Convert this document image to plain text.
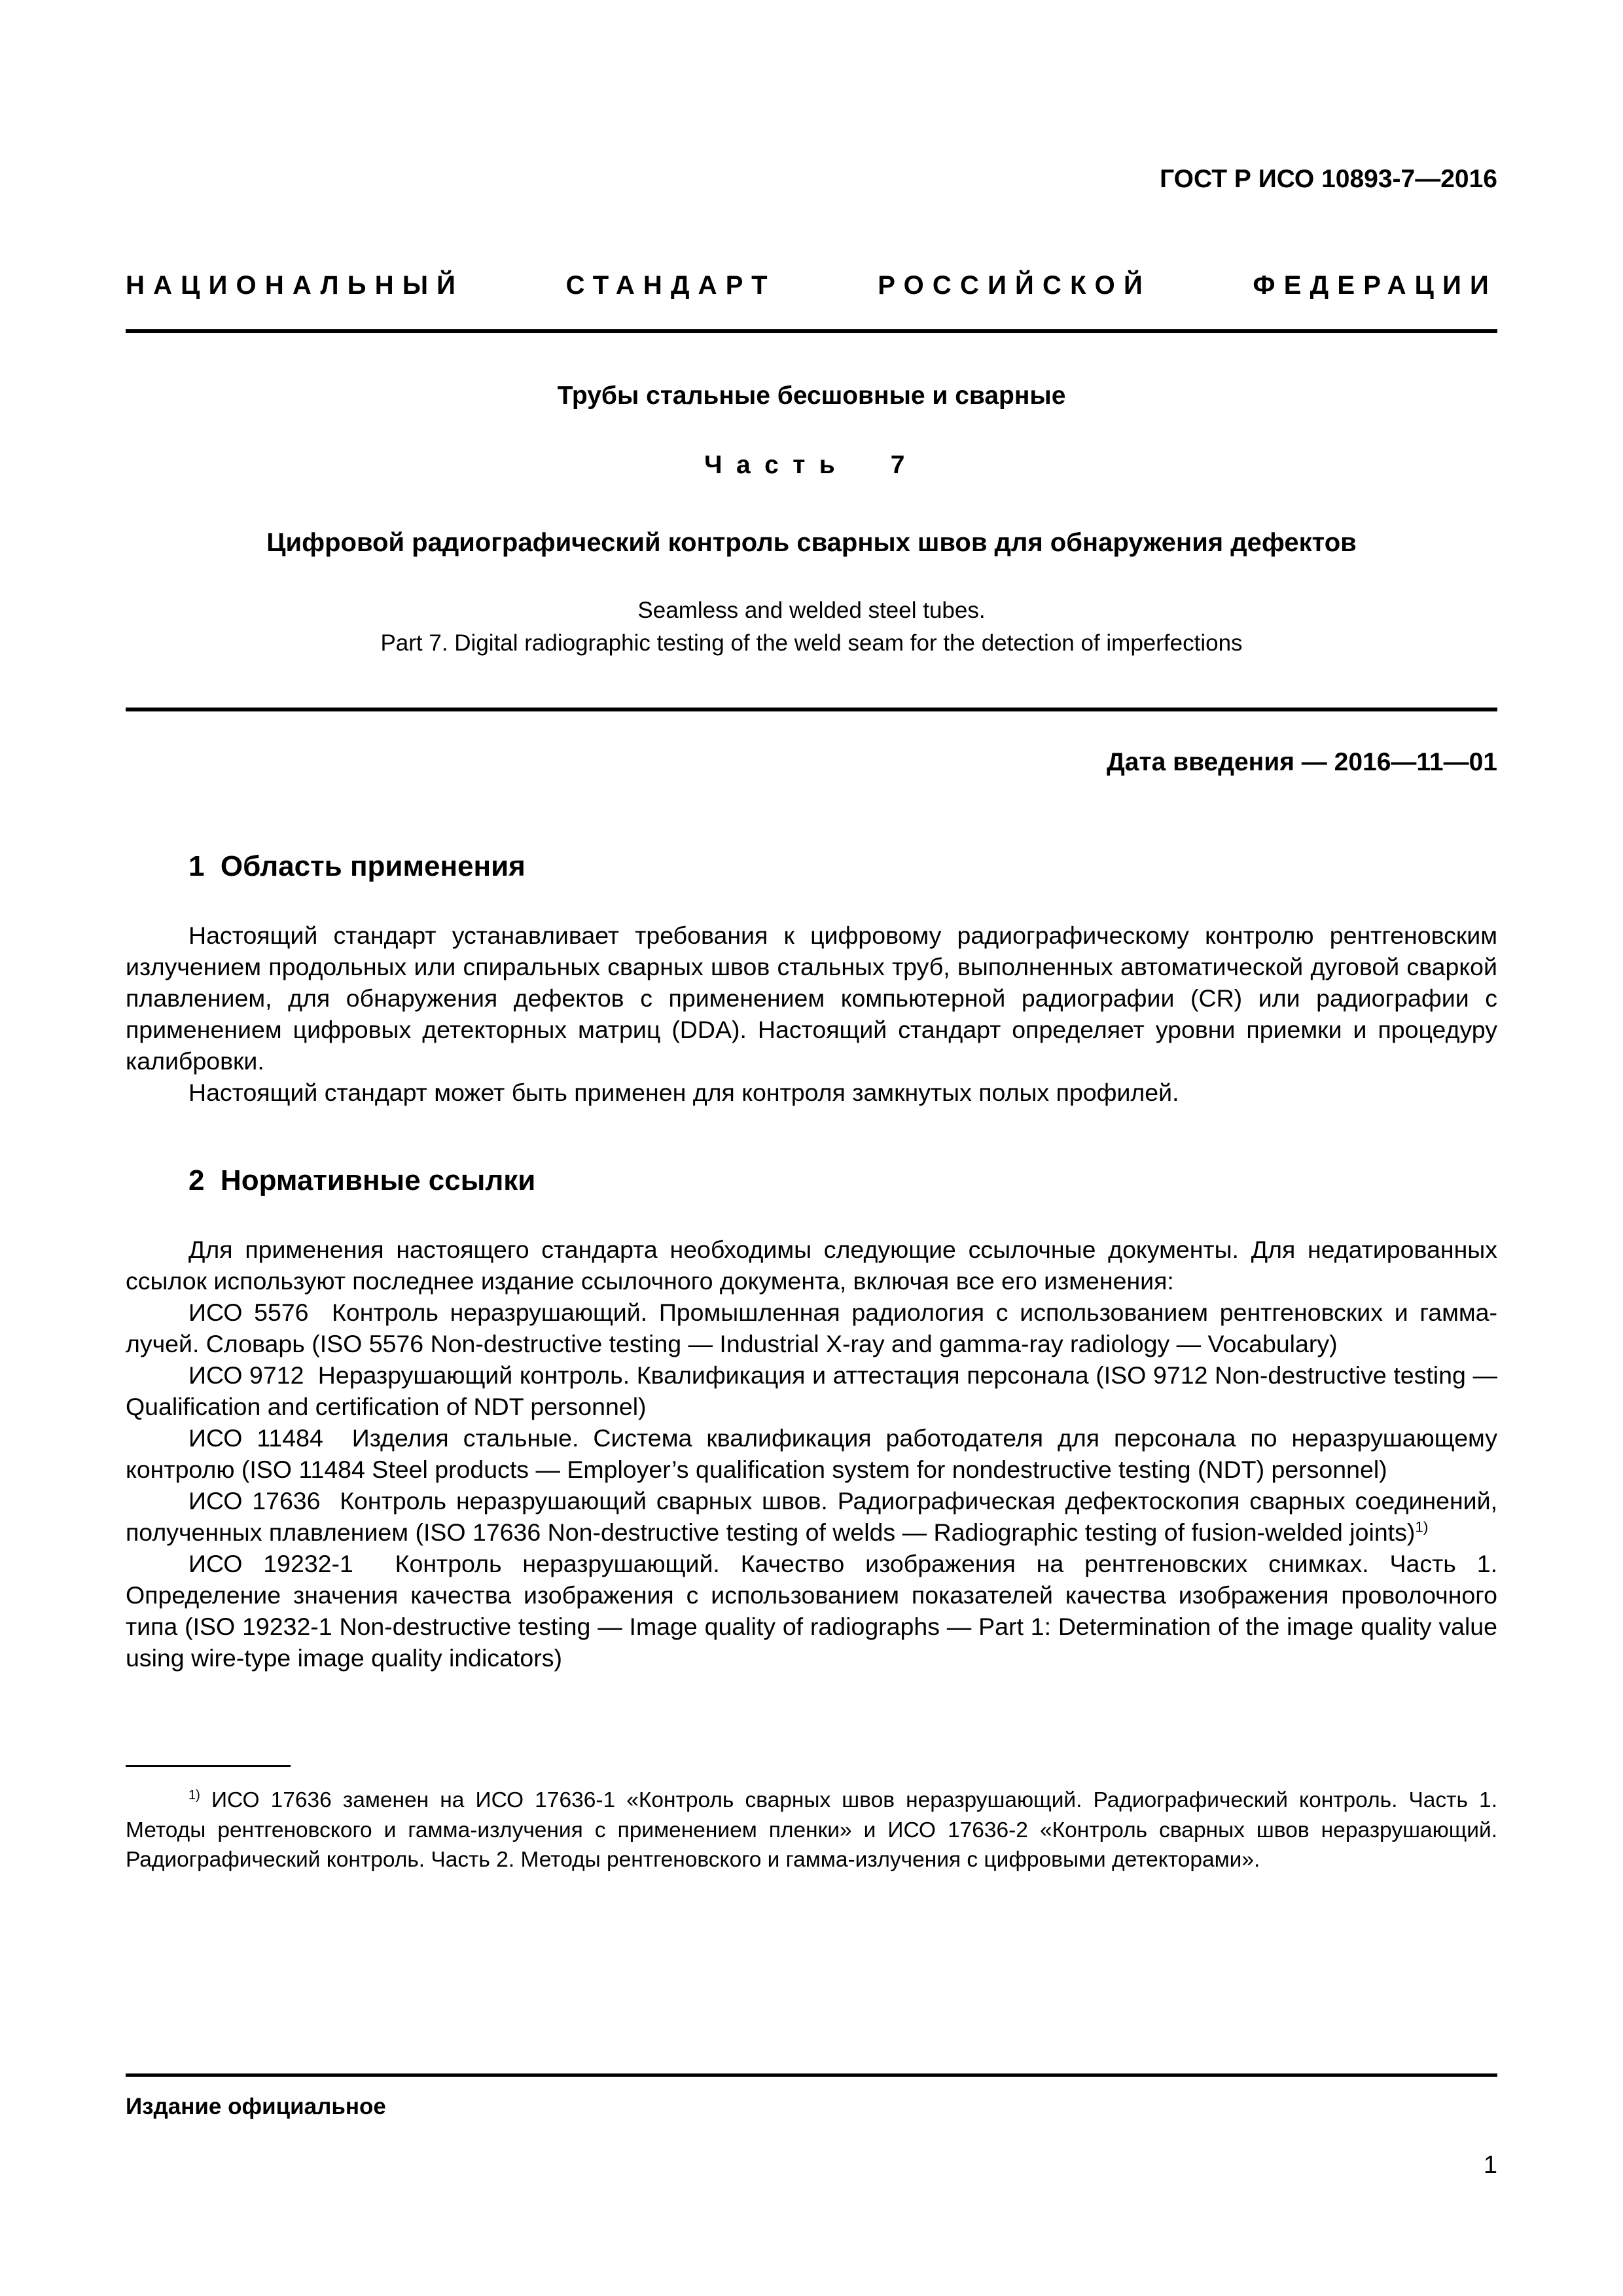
ГОСТ Р ИСО 10893-7—2016
НАЦИОНАЛЬНЫЙ СТАНДАРТ РОССИЙСКОЙ ФЕДЕРАЦИИ
Трубы стальные бесшовные и сварные
Часть 7
Цифровой радиографический контроль сварных швов для обнаружения дефектов
Seamless and welded steel tubes.
Part 7. Digital radiographic testing of the weld seam for the detection of imperfections
Дата введения — 2016—11—01
1  Область применения

Настоящий стандарт устанавливает требования к цифровому радиографическому контролю рентгеновским излучением продольных или спиральных сварных швов стальных труб, выполненных автоматической дуговой сваркой плавлением, для обнаружения дефектов с применением компьютерной радиографии (CR) или радиографии с применением цифровых детекторных матриц (DDA). Настоящий стандарт определяет уровни приемки и процедуру калибровки.

Настоящий стандарт может быть применен для контроля замкнутых полых профилей.

2  Нормативные ссылки

Для применения настоящего стандарта необходимы следующие ссылочные документы. Для недатированных ссылок используют последнее издание ссылочного документа, включая все его изменения:

ИСО 5576  Контроль неразрушающий. Промышленная радиология с использованием рентгеновских и гамма-лучей. Словарь (ISO 5576 Non-destructive testing — Industrial X-ray and gamma-ray radiology — Vocabulary)

ИСО 9712  Неразрушающий контроль. Квалификация и аттестация персонала (ISO 9712 Non-destructive testing — Qualification and certification of NDT personnel)

ИСО 11484  Изделия стальные. Система квалификация работодателя для персонала по неразрушающему контролю (ISO 11484 Steel products — Employer’s qualification system for nondestructive testing (NDT) personnel)

ИСО 17636  Контроль неразрушающий сварных швов. Радиографическая дефектоскопия сварных соединений, полученных плавлением (ISO 17636 Non-destructive testing of welds — Radiographic testing of fusion-welded joints)$^{1)}$

ИСО 19232-1  Контроль неразрушающий. Качество изображения на рентгеновских снимках. Часть 1. Определение значения качества изображения с использованием показателей качества изображения проволочного типа (ISO 19232-1 Non-destructive testing — Image quality of radiographs — Part 1: Determination of the image quality value using wire-type image quality indicators)

$^{1)}$ ИСО 17636 заменен на ИСО 17636-1 «Контроль сварных швов неразрушающий. Радиографический контроль. Часть 1. Методы рентгеновского и гамма-излучения с применением пленки» и ИСО 17636-2 «Контроль сварных швов неразрушающий. Радиографический контроль. Часть 2. Методы рентгеновского и гамма-излучения с цифровыми детекторами».

Издание официальное
1
